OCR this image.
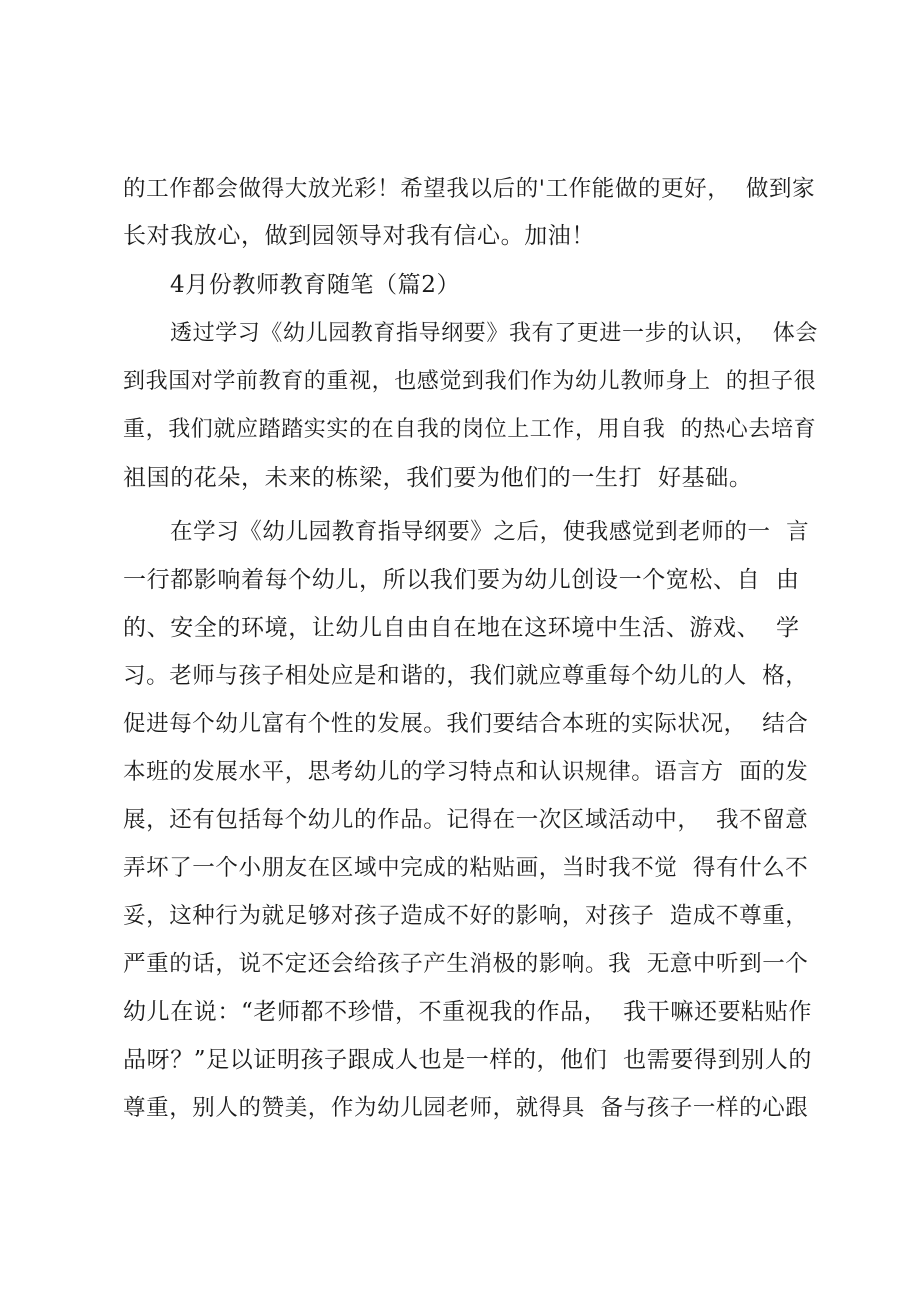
的工作都会做得大放光彩！希望我以后的'工作能做的更好，  做到家
长对我放心，做到园领导对我有信心。加油！
4月份教师教育随笔（篇2）
透过学习《幼儿园教育指导纲要》我有了更进一步的认识，  体会
到我国对学前教育的重视，也感觉到我们作为幼儿教师身上  的担子很
重，我们就应踏踏实实的在自我的岗位上工作，用自我  的热心去培育
祖国的花朵，未来的栋梁，我们要为他们的一生打  好基础。
在学习《幼儿园教育指导纲要》之后，使我感觉到老师的一  言
一行都影响着每个幼儿，所以我们要为幼儿创设一个宽松、自  由
的、安全的环境，让幼儿自由自在地在这环境中生活、游戏、  学
习。老师与孩子相处应是和谐的，我们就应尊重每个幼儿的人  格，
促进每个幼儿富有个性的发展。我们要结合本班的实际状况，  结合
本班的发展水平，思考幼儿的学习特点和认识规律。语言方  面的发
展，还有包括每个幼儿的作品。记得在一次区域活动中，  我不留意
弄坏了一个小朋友在区域中完成的粘贴画，当时我不觉  得有什么不
妥，这种行为就足够对孩子造成不好的影响，对孩子  造成不尊重，
严重的话，说不定还会给孩子产生消极的影响。我  无意中听到一个
幼儿在说：“老师都不珍惜，不重视我的作品，  我干嘛还要粘贴作
品呀？”足以证明孩子跟成人也是一样的，他们  也需要得到别人的
尊重，别人的赞美，作为幼儿园老师，就得具  备与孩子一样的心跟
